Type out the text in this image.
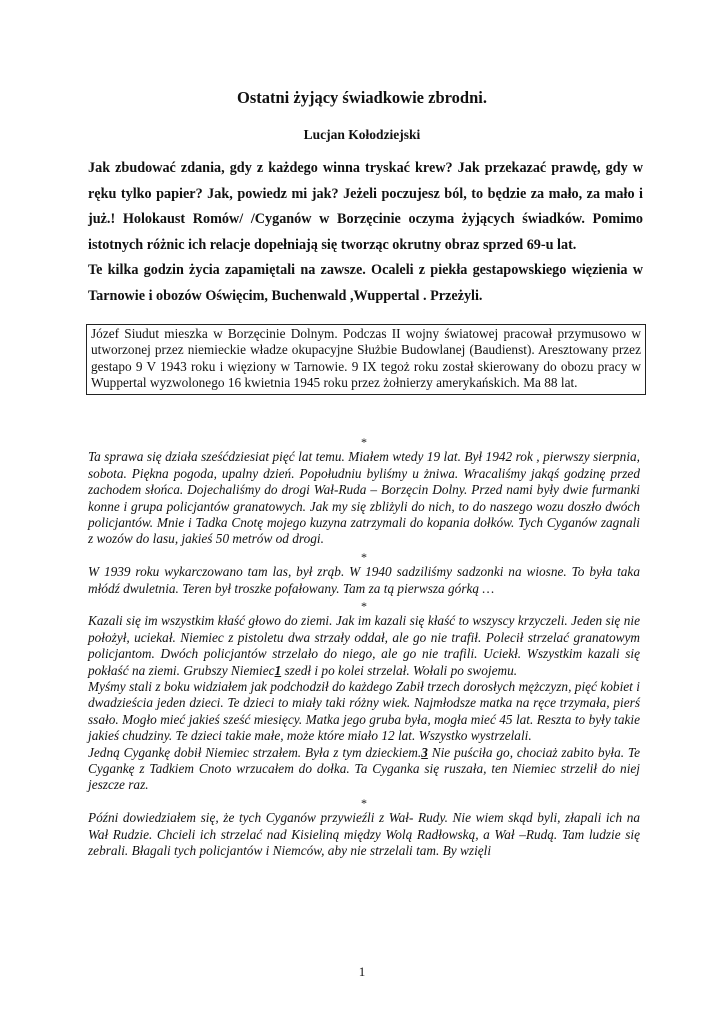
Ostatni żyjący świadkowie zbrodni.
Lucjan Kołodziejski

Jak zbudować zdania, gdy z każdego winna tryskać krew? Jak przekazać prawdę, gdy w ręku tylko papier? Jak, powiedz mi jak? Jeżeli poczujesz ból, to będzie za mało, za mało i już.! Holokaust Romów/ /Cyganów w Borzęcinie oczyma żyjących świadków. Pomimo istotnych różnic ich relacje dopełniają się tworząc okrutny obraz sprzed 69-u lat.

Te kilka godzin życia zapamiętali na zawsze. Ocaleli z piekła gestapowskiego więzienia w Tarnowie i obozów Oświęcim, Buchenwald ,Wuppertal . Przeżyli.

Józef Siudut mieszka w Borzęcinie Dolnym. Podczas II wojny światowej pracował przymusowo w utworzonej przez niemieckie władze okupacyjne Służbie Budowlanej (Baudienst). Aresztowany przez gestapo 9 V 1943 roku i więziony w Tarnowie. 9 IX tegoż roku został skierowany do obozu pracy w Wuppertal wyzwolonego 16 kwietnia 1945 roku przez żołnierzy amerykańskich. Ma 88 lat.
*

Ta sprawa się działa sześćdziesiat pięć lat temu. Miałem wtedy 19 lat. Był 1942 rok , pierwszy sierpnia, sobota. Piękna pogoda, upalny dzień. Popołudniu byliśmy u żniwa. Wracaliśmy jakąś godzinę przed zachodem słońca. Dojechaliśmy do drogi Wał-Ruda – Borzęcin Dolny. Przed nami były dwie furmanki konne i grupa policjantów granatowych. Jak my się zbliżyli do nich, to do naszego wozu doszło dwóch policjantów. Mnie i Tadka Cnotę mojego kuzyna zatrzymali do kopania dołków. Tych Cyganów zagnali z wozów do lasu, jakieś 50 metrów od drogi.

*

W 1939 roku wykarczowano tam las, był zrąb. W 1940 sadziliśmy sadzonki na wiosne. To była taka młódź dwuletnia. Teren był troszke pofałowany. Tam za tą pierwsza górką …

*

Kazali się im wszystkim kłaść głowo do ziemi. Jak im kazali się kłaść to wszyscy krzyczeli. Jeden się nie położył, uciekał. Niemiec z pistoletu dwa strzały oddał, ale go nie trafił. Polecił strzelać granatowym policjantom. Dwóch policjantów strzelało do niego, ale go nie trafili. Uciekł. Wszystkim kazali się pokłaść na ziemi. Grubszy Niemiec1 szedł i po kolei strzelał. Wołali po swojemu.

Myśmy stali z boku widziałem jak podchodził do każdego Zabił trzech dorosłych mężczyzn, pięć kobiet i dwadzieścia jeden dzieci. Te dzieci to miały taki różny wiek. Najmłodsze matka na ręce trzymała, pierś ssało. Mogło mieć jakieś sześć miesięcy. Matka jego gruba była, mogła mieć 45 lat. Reszta to były takie jakieś chudziny. Te dzieci takie małe, może które miało 12 lat. Wszystko wystrzelali.

Jedną Cygankę dobił Niemiec strzałem. Była z tym dzieckiem.3 Nie puściła go, chociaż zabito była. Te Cygankę z Tadkiem Cnoto wrzucałem do dołka. Ta Cyganka się ruszała, ten Niemiec strzelił do niej jeszcze raz.

*

Późni dowiedziałem się, że tych Cyganów przywieźli z Wał- Rudy. Nie wiem skąd byli, złapali ich na Wał Rudzie. Chcieli ich strzelać nad Kisieliną między Wolą Radłowską, a Wał –Rudą. Tam ludzie się zebrali. Błagali tych policjantów i Niemców, aby nie strzelali tam. By wzięli

1
